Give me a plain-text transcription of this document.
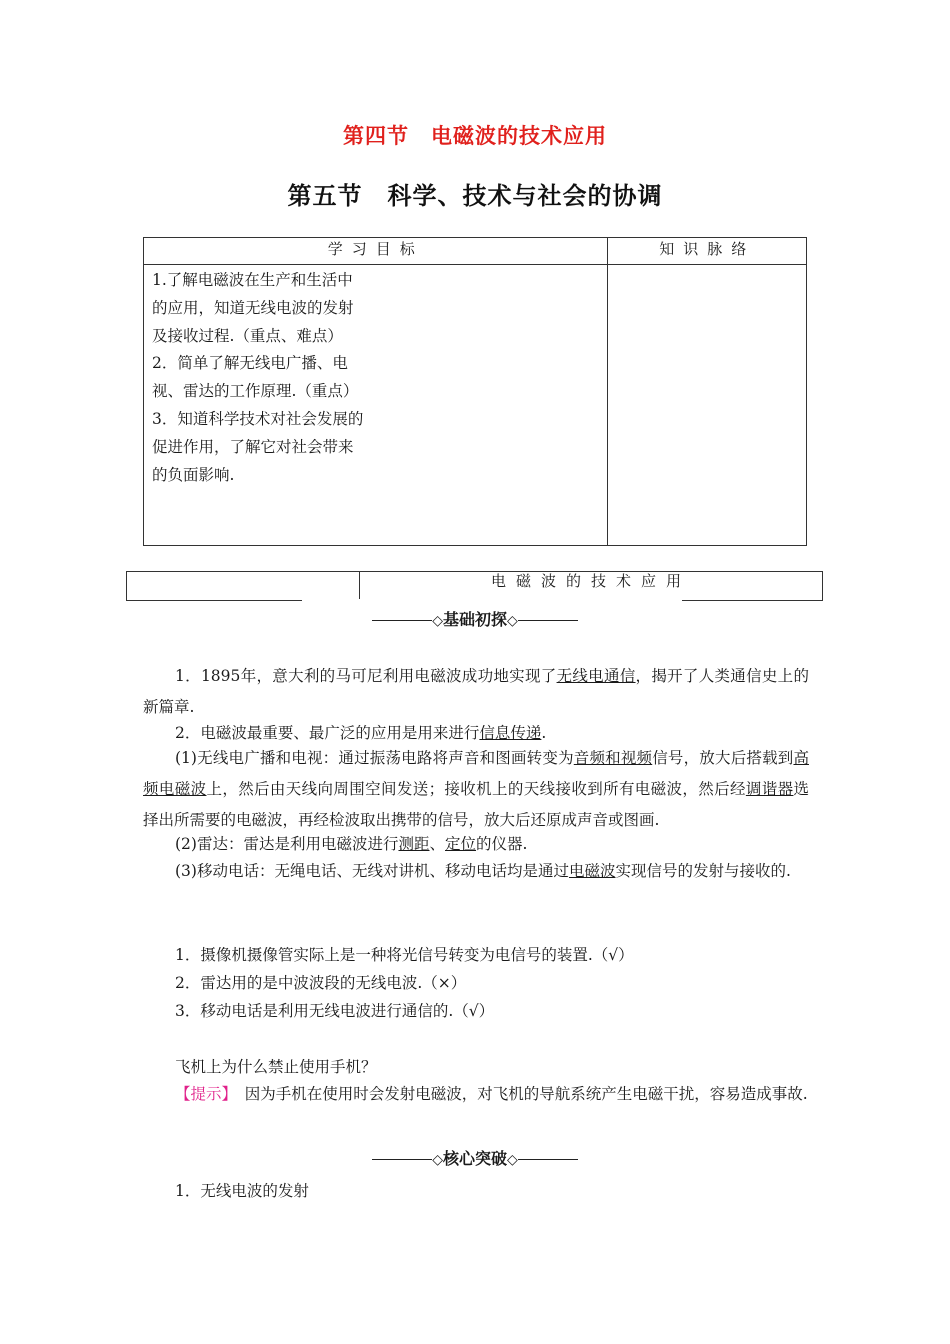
第四节　电磁波的技术应用
第五节　科学、技术与社会的协调
学习目标	知识脉络

1.了解电磁波在生产和生活中的应用，知道无线电波的发射及接收过程.（重点、难点）
2．简单了解无线电广播、电视、雷达的工作原理.（重点）
3．知道科学技术对社会发展的促进作用，了解它对社会带来的负面影响.	

电磁波的技术应用
◇基础初探◇
1．1895年，意大利的马可尼利用电磁波成功地实现了无线电通信，揭开了人类通信史上的新篇章.
2．电磁波最重要、最广泛的应用是用来进行信息传递.
(1)无线电广播和电视：通过振荡电路将声音和图画转变为音频和视频信号，放大后搭载到高频电磁波上，然后由天线向周围空间发送；接收机上的天线接收到所有电磁波，然后经调谐器选择出所需要的电磁波，再经检波取出携带的信号，放大后还原成声音或图画.
(2)雷达：雷达是利用电磁波进行测距、定位的仪器.
(3)移动电话：无绳电话、无线对讲机、移动电话均是通过电磁波实现信号的发射与接收的.
1．摄像机摄像管实际上是一种将光信号转变为电信号的装置.（√）
2．雷达用的是中波波段的无线电波.（×）
3．移动电话是利用无线电波进行通信的.（√）
飞机上为什么禁止使用手机？
【提示】　因为手机在使用时会发射电磁波，对飞机的导航系统产生电磁干扰，容易造成事故.
◇核心突破◇
1．无线电波的发射
